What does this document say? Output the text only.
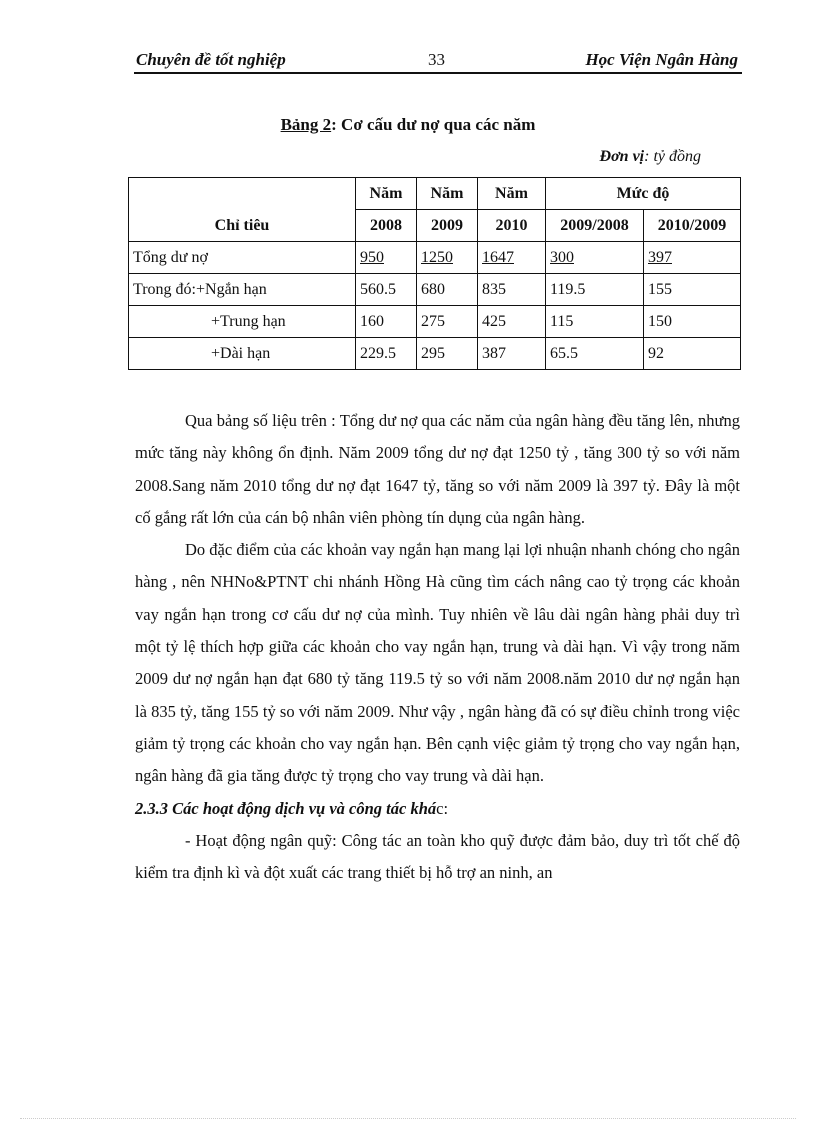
Chuyên đề tốt nghiệp	33	Học Viện Ngân Hàng
Bảng 2: Cơ cấu dư nợ qua các năm
Đơn vị: tỷ đồng
Chỉ tiêu	Năm	Năm	Năm	Mức độ	
	2008	2009	2010	2009/2008	2010/2009
Tổng dư nợ	950	1250	1647	300	397
Trong đó:+Ngắn hạn	560.5	680	835	119.5	155
+Trung hạn	160	275	425	115	150
+Dài hạn	229.5	295	387	65.5	92

Qua bảng số liệu trên : Tổng dư nợ qua các năm của ngân hàng đều tăng lên, nhưng mức tăng này không ổn định. Năm 2009 tổng dư nợ đạt 1250 tỷ , tăng 300 tỷ so với năm 2008.Sang năm 2010 tổng dư nợ đạt 1647 tỷ, tăng so với năm 2009 là 397 tỷ. Đây là một cố gắng rất lớn của cán bộ nhân viên phòng tín dụng của ngân hàng.

Do đặc điểm của các khoản vay ngắn hạn mang lại lợi nhuận nhanh chóng cho ngân hàng , nên NHNo&PTNT chi nhánh Hồng Hà cũng tìm cách nâng cao tỷ trọng các khoản vay ngắn hạn trong cơ cấu dư nợ của mình. Tuy nhiên về lâu dài ngân hàng phải duy trì một tỷ lệ thích hợp giữa các khoản cho vay ngắn hạn, trung và dài hạn. Vì vậy trong năm 2009 dư nợ ngắn hạn đạt 680 tỷ tăng 119.5 tỷ so với năm 2008.năm 2010 dư nợ ngắn hạn là 835 tỷ, tăng 155 tỷ so với năm 2009. Như vậy , ngân hàng đã có sự điều chỉnh trong việc giảm tỷ trọng các khoản cho vay ngắn hạn. Bên cạnh việc giảm tỷ trọng cho vay ngắn hạn, ngân hàng đã gia tăng được tỷ trọng cho vay trung và dài hạn.

2.3.3 Các hoạt động dịch vụ và công tác khác:

- Hoạt động ngân quỹ: Công tác an toàn kho quỹ được đảm bảo, duy trì tốt chế độ kiểm tra định kì và đột xuất các trang thiết bị hỗ trợ an ninh, an
